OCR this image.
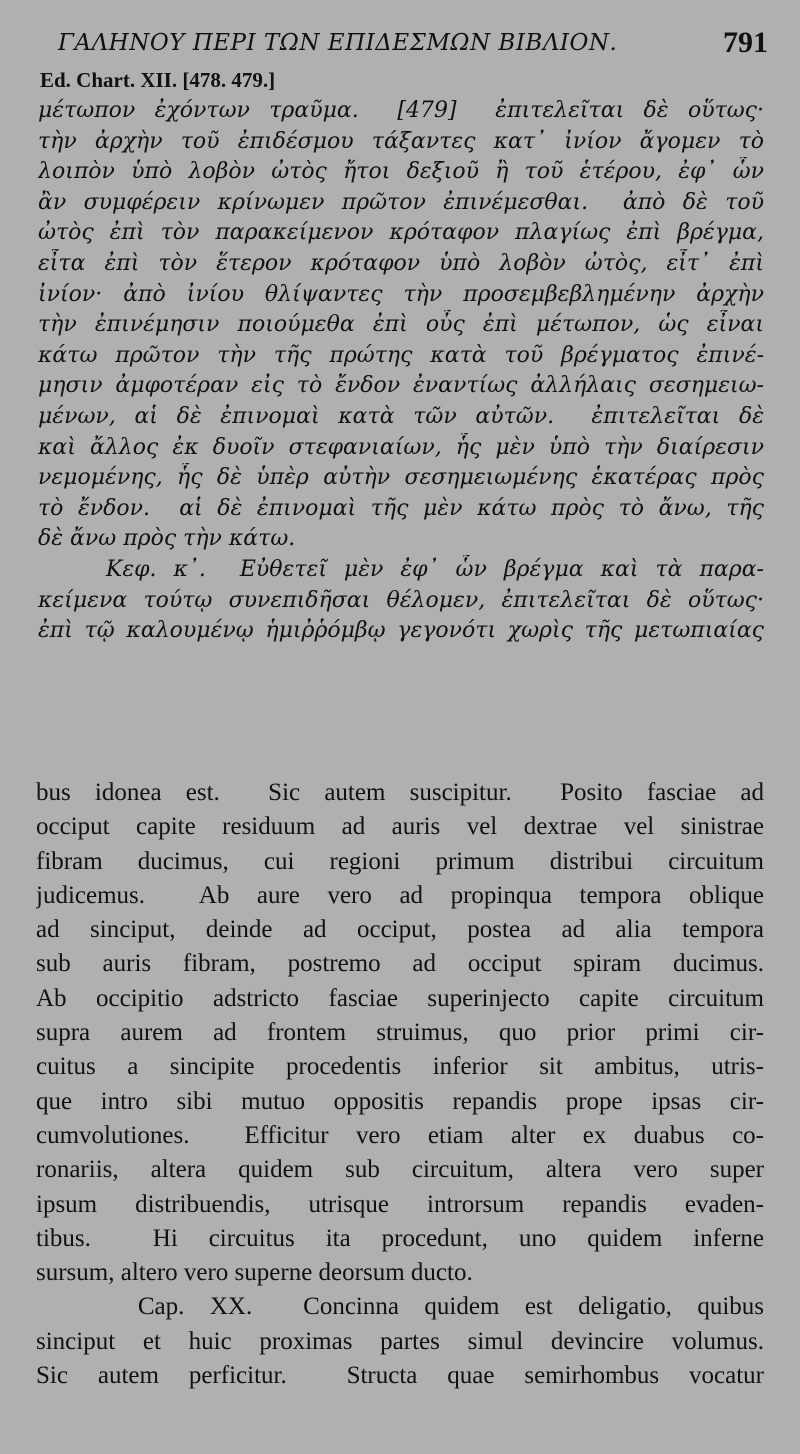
ΓΑΛΗΝΟΥ ΠΕΡΙ ΤΩΝ ΕΠΙΔΕΣΜΩΝ ΒΙΒΛΙΟΝ.	791
Ed. Chart. XII. [478. 479.]
μέτωπον ἐχόντων τραῦμα.  [479]  ἐπιτελεῖται δὲ οὕτως·
τὴν ἀρχὴν τοῦ ἐπιδέσμου τάξαντες κατ᾽ ἰνίον ἄγομεν τὸ
λοιπὸν ὑπὸ λοβὸν ὠτὸς ἤτοι δεξιοῦ ἢ τοῦ ἑτέρου, ἐφ᾽ ὧν
ἂν συμφέρειν κρίνωμεν πρῶτον ἐπινέμεσθαι.  ἀπὸ δὲ τοῦ
ὠτὸς ἐπὶ τὸν παρακείμενον κρόταφον πλαγίως ἐπὶ βρέγμα,
εἶτα ἐπὶ τὸν ἕτερον κρόταφον ὑπὸ λοβὸν ὠτὸς, εἶτ᾽ ἐπὶ
ἰνίον· ἀπὸ ἰνίου θλίψαντες τὴν προσεμβεβλημένην ἀρχὴν
τὴν ἐπινέμησιν ποιούμεθα ἐπὶ οὖς ἐπὶ μέτωπον, ὡς εἶναι
κάτω πρῶτον τὴν τῆς πρώτης κατὰ τοῦ βρέγματος ἐπινέ-
μησιν ἀμφοτέραν εἰς τὸ ἔνδον ἐναντίως ἀλλήλαις σεσημειω-
μένων, αἱ δὲ ἐπινομαὶ κατὰ τῶν αὐτῶν.  ἐπιτελεῖται δὲ
καὶ ἄλλος ἐκ δυοῖν στεφανιαίων, ἧς μὲν ὑπὸ τὴν διαίρεσιν
νεμομένης, ἧς δὲ ὑπὲρ αὐτὴν σεσημειωμένης ἑκατέρας πρὸς
τὸ ἔνδον.  αἱ δὲ ἐπινομαὶ τῆς μὲν κάτω πρὸς τὸ ἄνω, τῆς
δὲ ἄνω πρὸς τὴν κάτω.
Κεφ. κ᾽.  Εὐθετεῖ μὲν ἐφ᾽ ὧν βρέγμα καὶ τὰ παρα-
κείμενα τούτῳ συνεπιδῆσαι θέλομεν, ἐπιτελεῖται δὲ οὕτως·
ἐπὶ τῷ καλουμένῳ ἡμιῤῥόμβῳ γεγονότι χωρὶς τῆς μετωπιαίας
bus idonea est.  Sic autem suscipitur.  Posito fasciae ad
occiput capite residuum ad auris vel dextrae vel sinistrae
fibram ducimus, cui regioni primum distribui circuitum
judicemus.  Ab aure vero ad propinqua tempora oblique
ad sinciput, deinde ad occiput, postea ad alia tempora
sub auris fibram, postremo ad occiput spiram ducimus.
Ab occipitio adstricto fasciae superinjecto capite circuitum
supra aurem ad frontem struimus, quo prior primi cir-
cuitus a sincipite procedentis inferior sit ambitus, utris-
que intro sibi mutuo oppositis repandis prope ipsas cir-
cumvolutiones.  Efficitur vero etiam alter ex duabus co-
ronariis, altera quidem sub circuitum, altera vero super
ipsum distribuendis, utrisque introrsum repandis evaden-
tibus.  Hi circuitus ita procedunt, uno quidem inferne
sursum, altero vero superne deorsum ducto.
Cap. XX.  Concinna quidem est deligatio, quibus
sinciput et huic proximas partes simul devincire volumus.
Sic autem perficitur.  Structa quae semirhombus vocatur
